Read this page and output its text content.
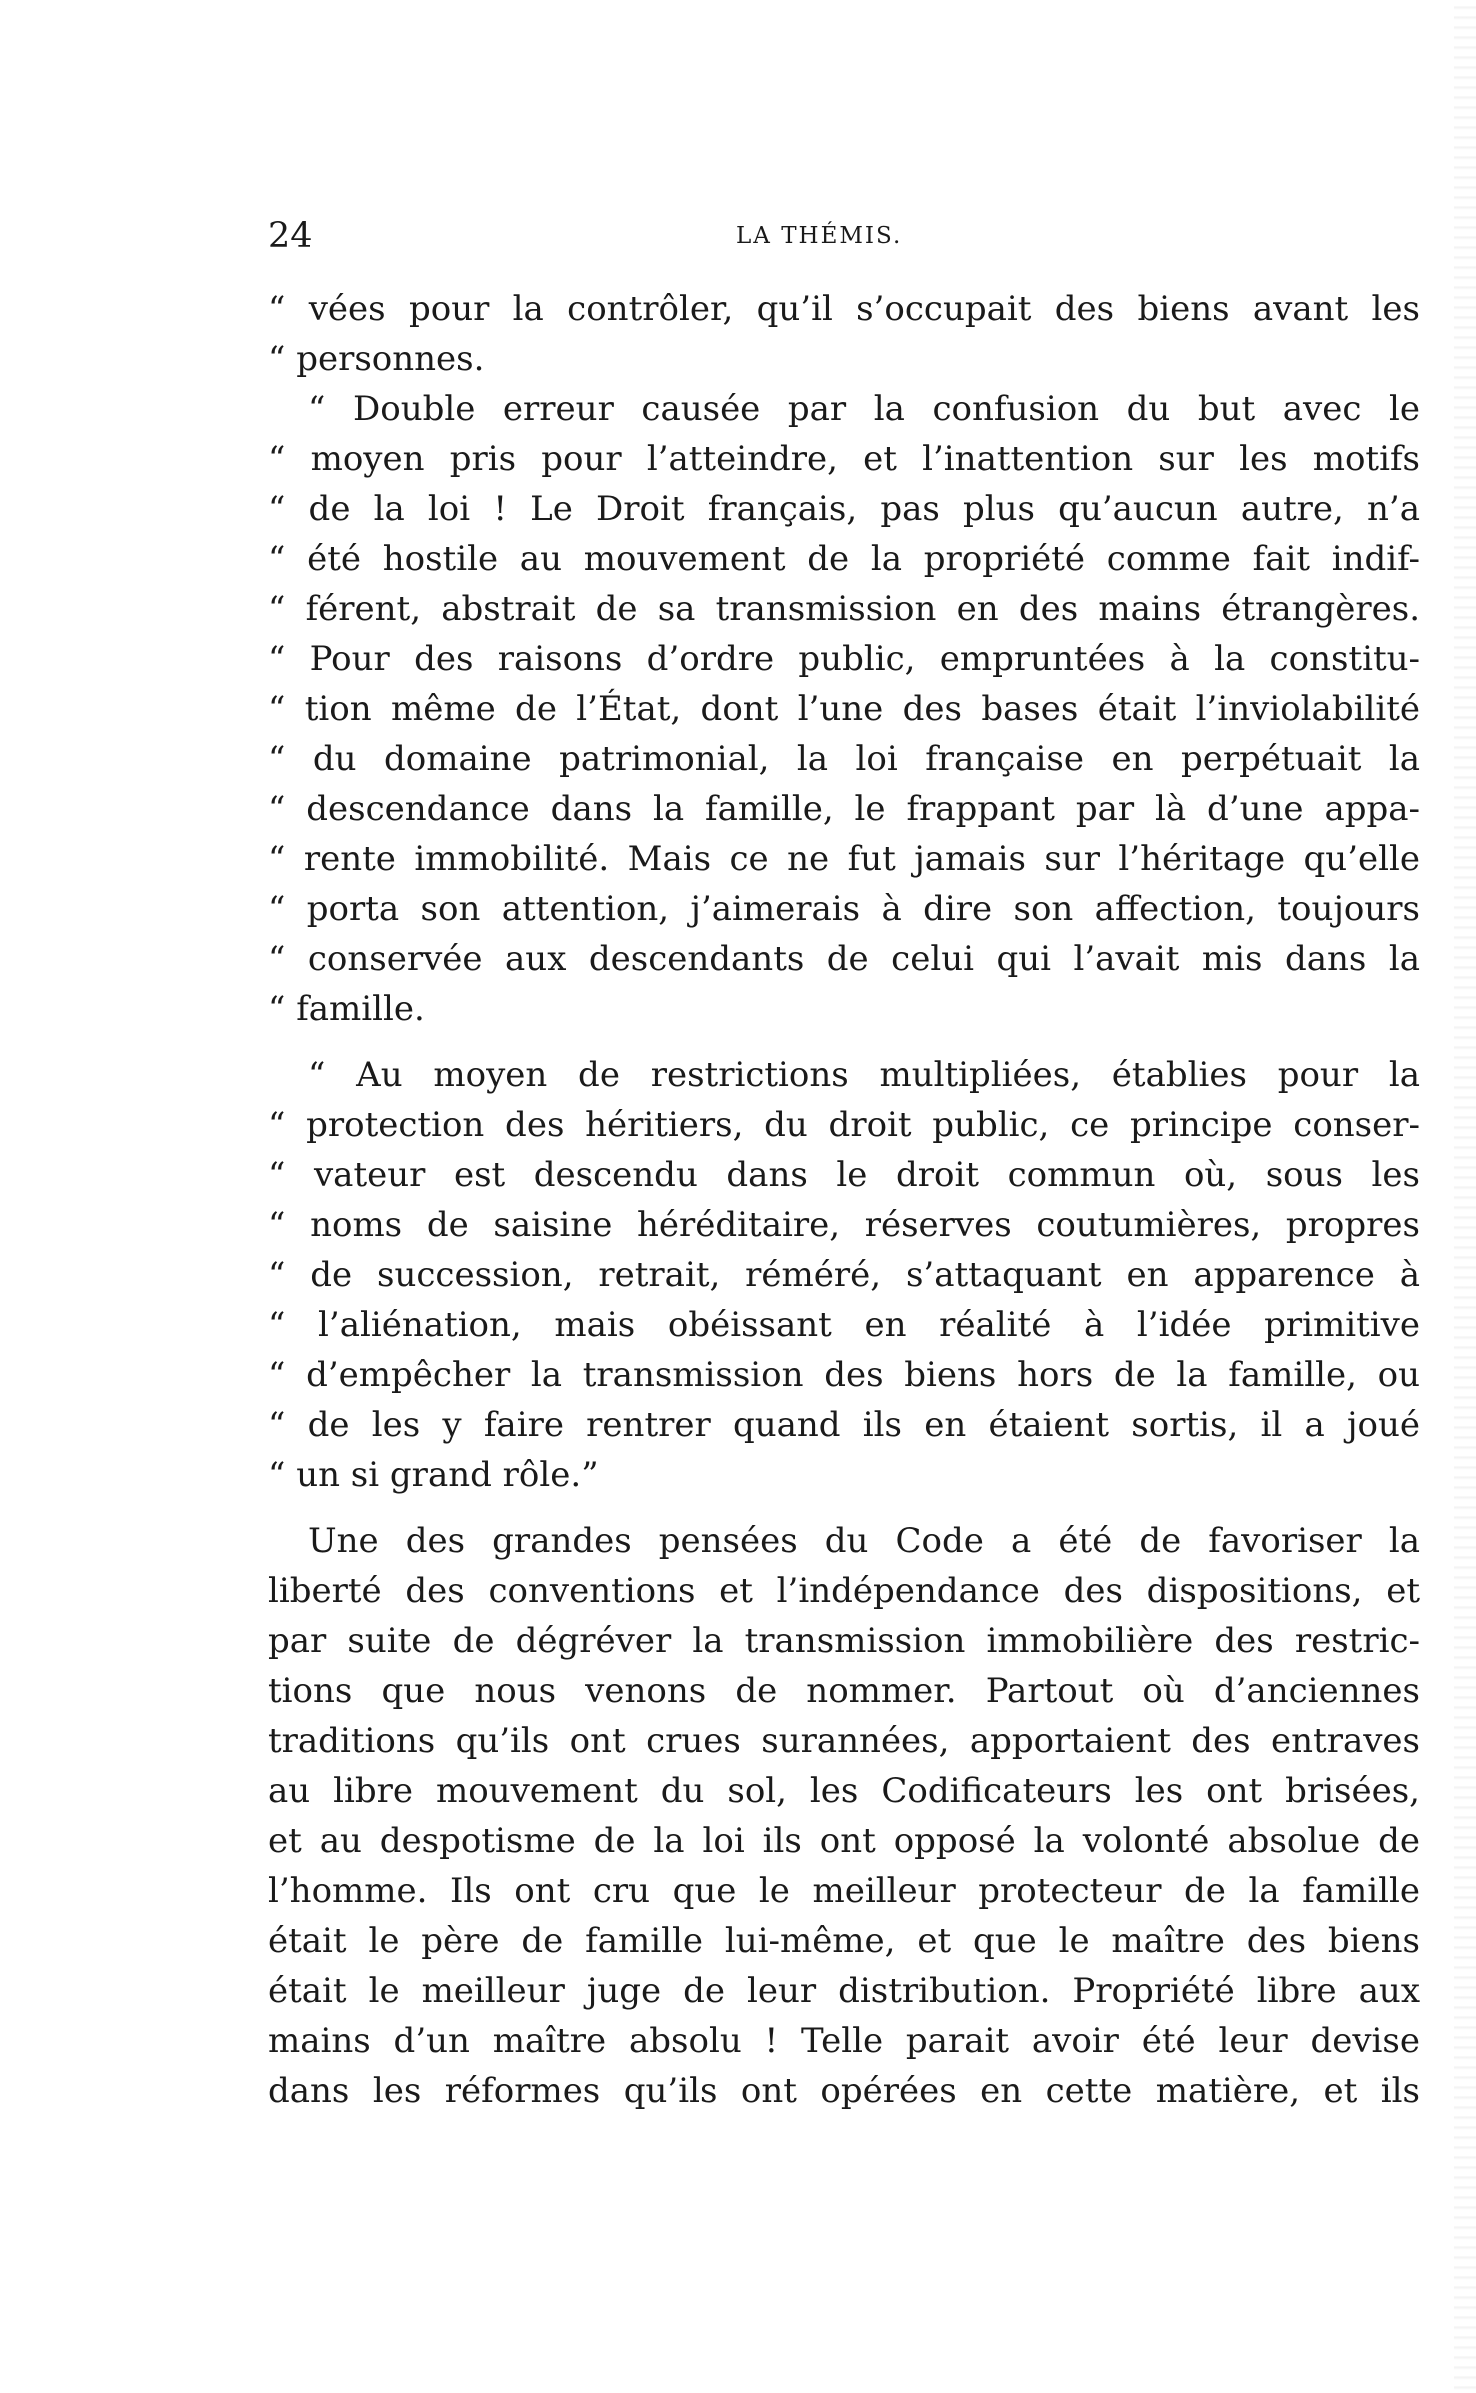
24	LA THÉMIS.
“ vées pour la contrôler, qu’il s’occupait des biens avant les
“ personnes.
“ Double erreur causée par la confusion du but avec le
“ moyen pris pour l’atteindre, et l’inattention sur les motifs
“ de la loi ! Le Droit français, pas plus qu’aucun autre, n’a
“ été hostile au mouvement de la propriété comme fait indif-
“ férent, abstrait de sa transmission en des mains étrangères.
“ Pour des raisons d’ordre public, empruntées à la constitu-
“ tion même de l’État, dont l’une des bases était l’inviolabilité
“ du domaine patrimonial, la loi française en perpétuait la
“ descendance dans la famille, le frappant par là d’une appa-
“ rente immobilité. Mais ce ne fut jamais sur l’héritage qu’elle
“ porta son attention, j’aimerais à dire son affection, toujours
“ conservée aux descendants de celui qui l’avait mis dans la
“ famille.
“ Au moyen de restrictions multipliées, établies pour la
“ protection des héritiers, du droit public, ce principe conser-
“ vateur est descendu dans le droit commun où, sous les
“ noms de saisine héréditaire, réserves coutumières, propres
“ de succession, retrait, réméré, s’attaquant en apparence à
“ l’aliénation, mais obéissant en réalité à l’idée primitive
“ d’empêcher la transmission des biens hors de la famille, ou
“ de les y faire rentrer quand ils en étaient sortis, il a joué
“ un si grand rôle.”
Une des grandes pensées du Code a été de favoriser la
liberté des conventions et l’indépendance des dispositions, et
par suite de dégréver la transmission immobilière des restric-
tions que nous venons de nommer. Partout où d’anciennes
traditions qu’ils ont crues surannées, apportaient des entraves
au libre mouvement du sol, les Codificateurs les ont brisées,
et au despotisme de la loi ils ont opposé la volonté absolue de
l’homme. Ils ont cru que le meilleur protecteur de la famille
était le père de famille lui-même, et que le maître des biens
était le meilleur juge de leur distribution. Propriété libre aux
mains d’un maître absolu ! Telle parait avoir été leur devise
dans les réformes qu’ils ont opérées en cette matière, et ils
